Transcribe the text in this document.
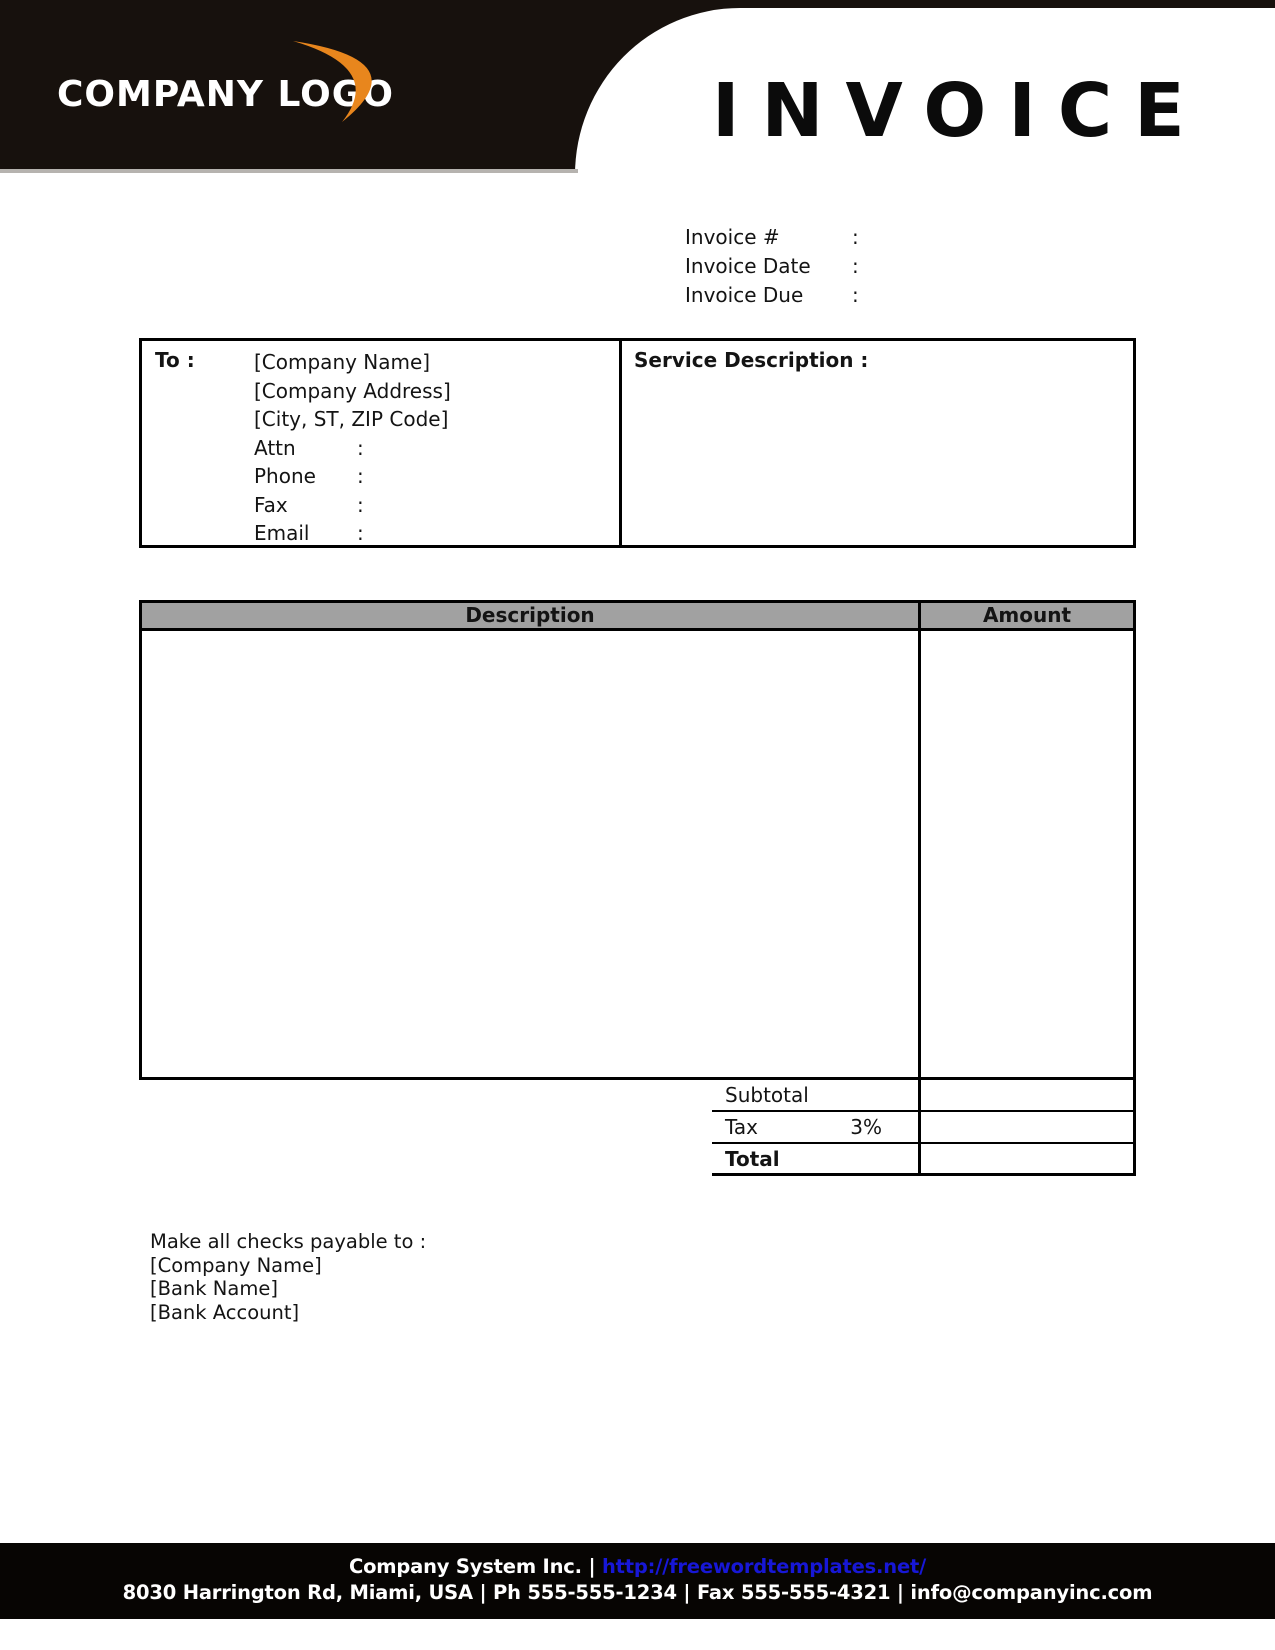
COMPANY LOGO	INVOICE
Invoice #	:
Invoice Date	:
Invoice Due	:
To :	[Company Name]
[Company Address]
[City, ST, ZIP Code]
Attn	:
Phone	:
Fax	:
Email	:
Service Description :
Description	Amount
Subtotal
Tax	3%
Total
Make all checks payable to :
[Company Name]
[Bank Name]
[Bank Account]
Company System Inc. | http://freewordtemplates.net/
8030 Harrington Rd, Miami, USA | Ph 555-555-1234 | Fax 555-555-4321 | info@companyinc.com
